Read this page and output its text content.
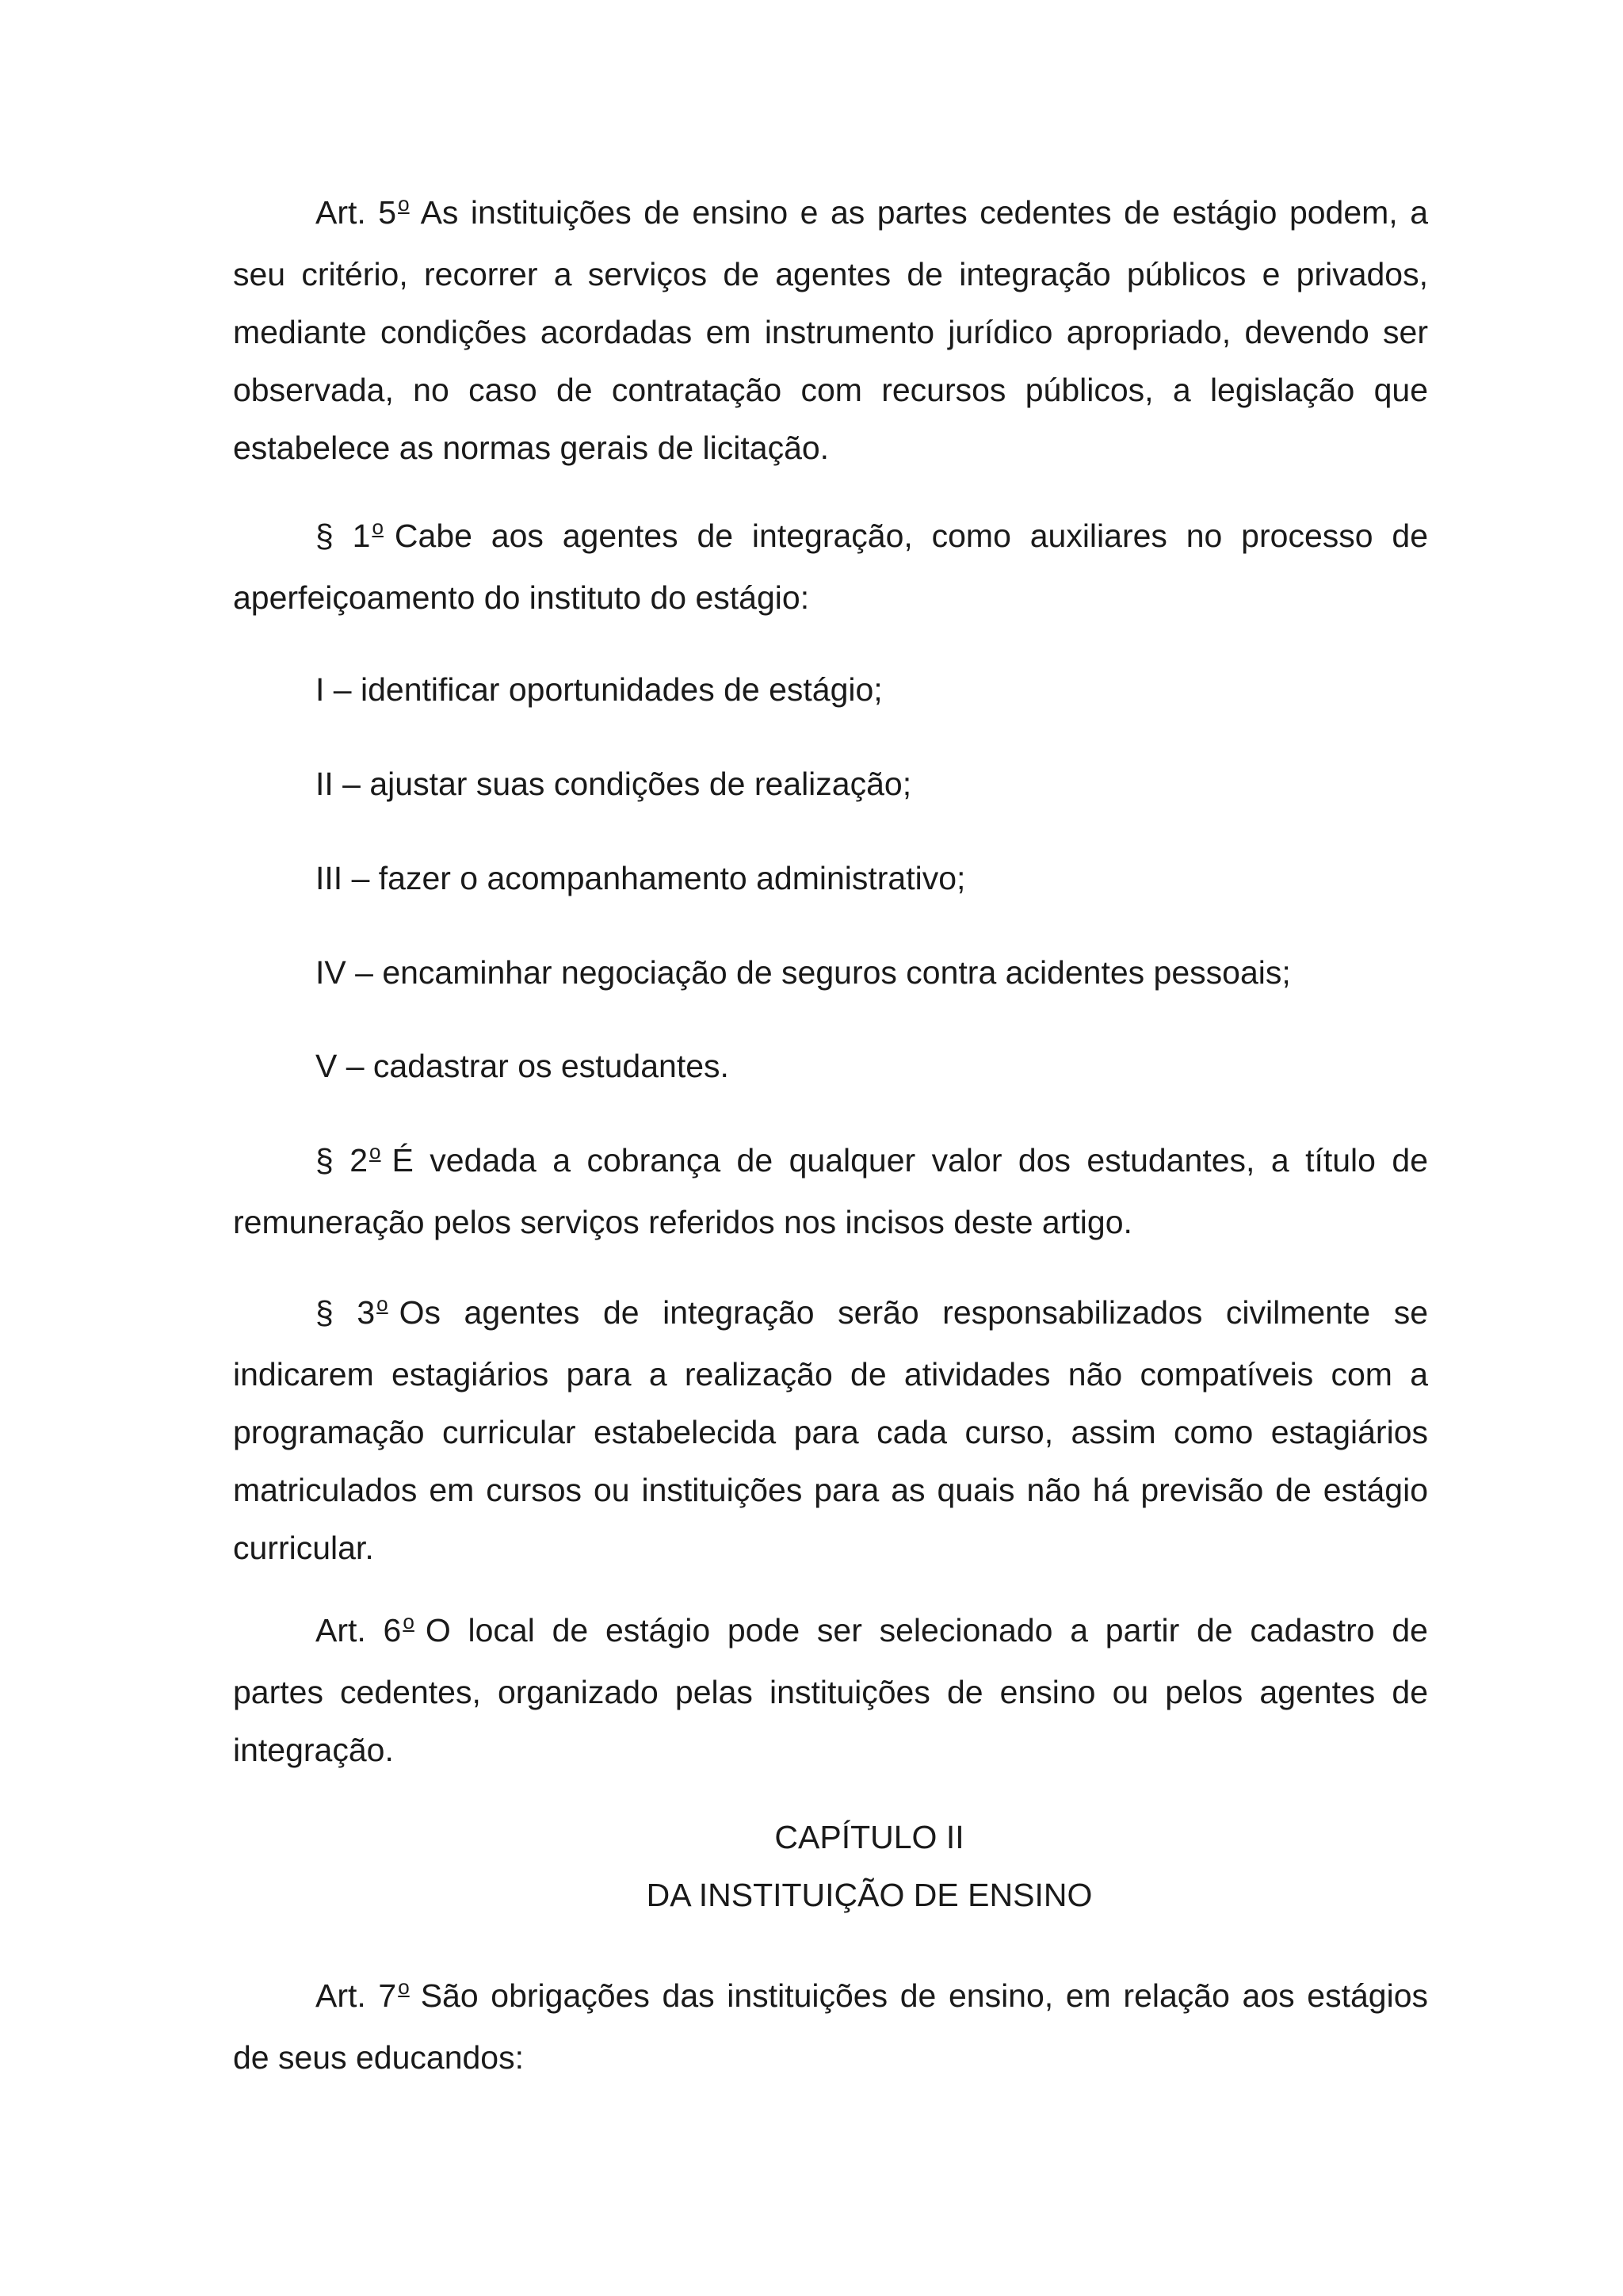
Art. 5$^o$ As instituições de ensino e as partes cedentes de estágio podem, a seu critério, recorrer a serviços de agentes de integração públicos e privados, mediante condições acordadas em instrumento jurídico apropriado, devendo ser observada, no caso de contratação com recursos públicos, a legislação que estabelece as normas gerais de licitação.

§ 1$^o$ Cabe aos agentes de integração, como auxiliares no processo de aperfeiçoamento do instituto do estágio:

I – identificar oportunidades de estágio;

II – ajustar suas condições de realização;

III – fazer o acompanhamento administrativo;

IV – encaminhar negociação de seguros contra acidentes pessoais;

V – cadastrar os estudantes.

§ 2$^o$ É vedada a cobrança de qualquer valor dos estudantes, a título de remuneração pelos serviços referidos nos incisos deste artigo.

§ 3$^o$ Os agentes de integração serão responsabilizados civilmente se indicarem estagiários para a realização de atividades não compatíveis com a programação curricular estabelecida para cada curso, assim como estagiários matriculados em cursos ou instituições para as quais não há previsão de estágio curricular.

Art. 6$^o$ O local de estágio pode ser selecionado a partir de cadastro de partes cedentes, organizado pelas instituições de ensino ou pelos agentes de integração.

CAPÍTULO II

DA INSTITUIÇÃO DE ENSINO

Art. 7$^o$ São obrigações das instituições de ensino, em relação aos estágios de seus educandos:
